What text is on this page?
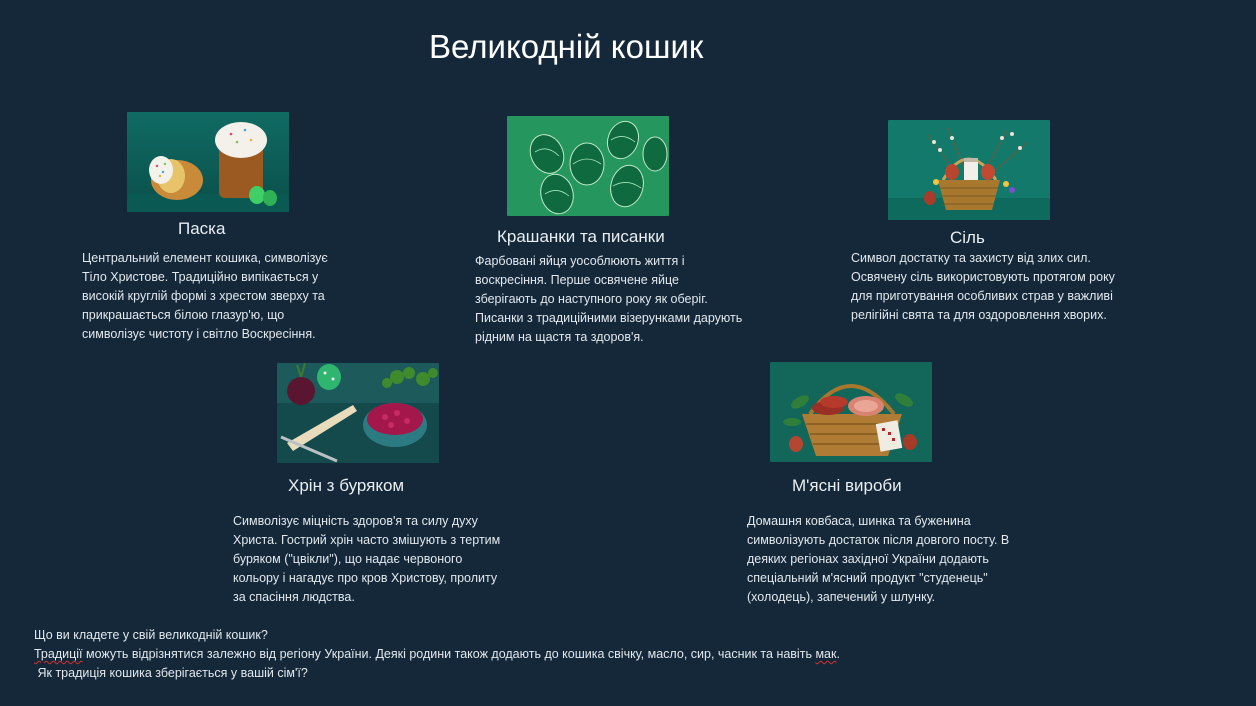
Великодній кошик
Паска
Центральний елемент кошика, символізує
Тіло Христове. Традиційно випікається у
високій круглій формі з хрестом зверху та
прикрашається білою глазур'ю, що
символізує чистоту і світло Воскресіння.
Крашанки та писанки
Фарбовані яйця уособлюють життя і
воскресіння. Перше освячене яйце
зберігають до наступного року як оберіг.
Писанки з традиційними візерунками дарують
рідним на щастя та здоров'я.
Сіль
Символ достатку та захисту від злих сил.
Освячену сіль використовують протягом року
для приготування особливих страв у важливі
релігійні свята та для оздоровлення хворих.
Хрін з буряком
Символізує міцність здоров'я та силу духу
Христа. Гострий хрін часто змішують з тертим
буряком ("цвікли"), що надає червоного
кольору і нагадує про кров Христову, пролиту
за спасіння людства.
М'ясні вироби
Домашня ковбаса, шинка та буженина
символізують достаток після довгого посту. В
деяких регіонах західної України додають
спеціальний м'ясний продукт "студенець"
(холодець), запечений у шлунку.
Що ви кладете у свій великодній кошик?
Традиції можуть відрізнятися залежно від регіону України. Деякі родини також додають до кошика свічку, масло, сир, часник та навіть мак.
Як традиція кошика зберігається у вашій сім'ї?
